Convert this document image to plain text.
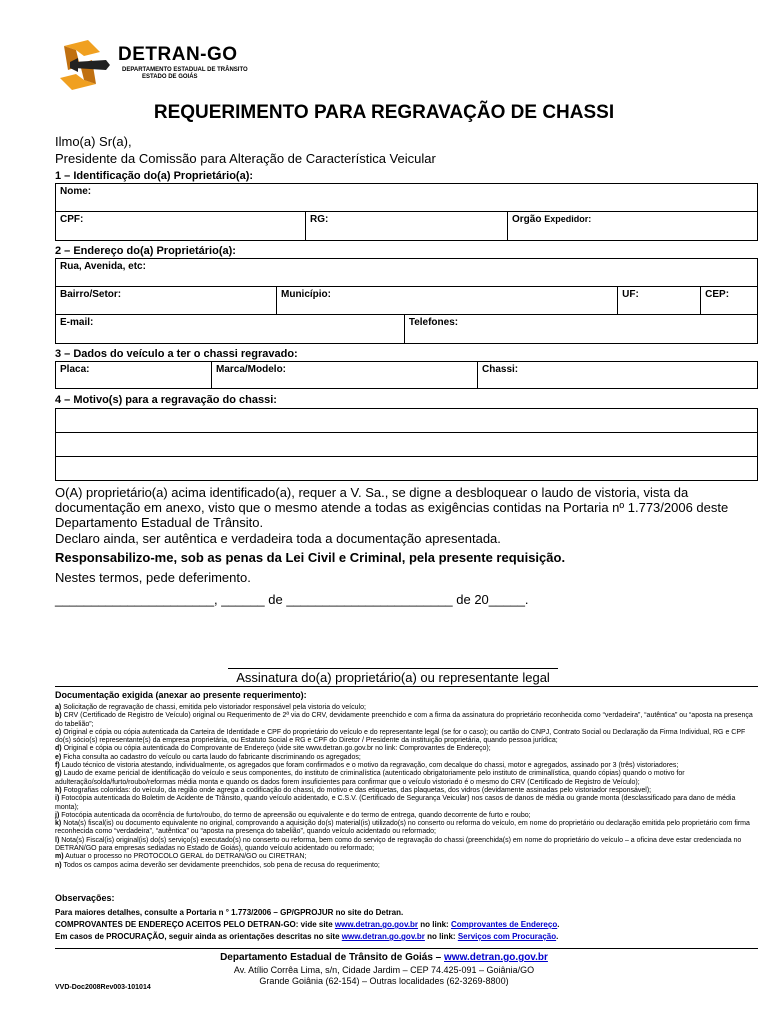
DETRAN-GO
DEPARTAMENTO ESTADUAL DE TRÂNSITO
ESTADO DE GOIÁS
REQUERIMENTO PARA REGRAVAÇÃO DE CHASSI
Ilmo(a) Sr(a),
Presidente da Comissão para Alteração de Característica Veicular
1 – Identificação do(a) Proprietário(a):
Nome:
CPF:	RG:	Orgão Expedidor:
2 – Endereço do(a) Proprietário(a):
Rua, Avenida, etc:				
Bairro/Setor:	Município:		UF:	CEP:
E-mail:		Telefones:		
3 – Dados do veículo a ter o chassi regravado:
Placa:	Marca/Modelo:	Chassi:
4 – Motivo(s) para a regravação do chassi:

O(A) proprietário(a) acima identificado(a), requer a V. Sa., se digne a desbloquear o laudo de vistoria, vista da documentação em anexo, visto que o mesmo atende a todas as exigências contidas na Portaria nº 1.773/2006 deste Departamento Estadual de Trânsito.
Declaro ainda, ser autêntica e verdadeira toda a documentação apresentada.
Responsabilizo-me, sob as penas da Lei Civil e Criminal, pela presente requisição.
Nestes termos, pede deferimento.
______________________, ______ de _______________________ de 20_____.
Assinatura do(a) proprietário(a) ou representante legal
Documentação exigida (anexar ao presente requerimento):
a) Solicitação de regravação de chassi, emitida pelo vistoriador responsável pela vistoria do veículo;
b) CRV (Certificado de Registro de Veículo) original ou Requerimento de 2ª via do CRV, devidamente preenchido e com a firma da assinatura do proprietário reconhecida como “verdadeira”, “autêntica” ou “aposta na presença do tabelião”;
c) Original e cópia ou cópia autenticada da Carteira de Identidade e CPF do proprietário do veículo e do representante legal (se for o caso); ou cartão do CNPJ, Contrato Social ou Declaração da Firma Individual, RG e CPF do(s) sócio(s) representante(s) da empresa proprietária, ou Estatuto Social e RG e CPF do Diretor / Presidente da instituição proprietária, quando pessoa jurídica;
d) Original e cópia ou cópia autenticada do Comprovante de Endereço (vide site www.detran.go.gov.br no link: Comprovantes de Endereço);
e) Ficha consulta ao cadastro do veículo ou carta laudo do fabricante discriminando os agregados;
f) Laudo técnico de vistoria atestando, individualmente, os agregados que foram confirmados e o motivo da regravação, com decalque do chassi, motor e agregados, assinado por 3 (três) vistoriadores;
g) Laudo de exame pericial de identificação do veículo e seus componentes, do instituto de criminalística (autenticado obrigatoriamente pelo instituto de criminalística, quando cópias) quando o motivo for adulteração/solda/furto/roubo/reformas média monta e quando os dados forem insuficientes para confirmar que o veículo vistoriado é o mesmo do CRV (Certificado de Registro de Veículo);
h) Fotografias coloridas: do veículo, da região onde agrega a codificação do chassi, do motivo e das etiquetas, das plaquetas, dos vidros (devidamente assinadas pelo vistoriador responsável);
i) Fotocópia autenticada do Boletim de Acidente de Trânsito, quando veículo acidentado, e C.S.V. (Certificado de Segurança Veicular) nos casos de danos de média ou grande monta (desclassificado para dano de média monta);
j) Fotocópia autenticada da ocorrência de furto/roubo, do termo de apreensão ou equivalente e do termo de entrega, quando decorrente de furto e roubo;
k) Nota(s) fiscal(is) ou documento equivalente no original, comprovando a aquisição do(s) material(is) utilizado(s) no conserto ou reforma do veículo, em nome do proprietário ou declaração emitida pelo proprietário com firma reconhecida como “verdadeira”, “autêntica” ou “aposta na presença do tabelião”, quando veículo acidentado ou reformado;
l) Nota(s) Fiscal(is) original(is) do(s) serviço(s) executado(s) no conserto ou reforma, bem como do serviço de regravação do chassi (preenchida(s) em nome do proprietário do veículo – a oficina deve estar credenciada no DETRAN/GO para empresas sediadas no Estado de Goiás), quando veículo acidentado ou reformado;
m) Autuar o processo no PROTOCOLO GERAL do DETRAN/GO ou CIRETRAN;
n) Todos os campos acima deverão ser devidamente preenchidos, sob pena de recusa do requerimento;
Observações:
Para maiores detalhes, consulte a Portaria n ° 1.773/2006 – GP/GPROJUR no site do Detran.
COMPROVANTES DE ENDEREÇO ACEITOS PELO DETRAN-GO: vide site www.detran.go.gov.br no link: Comprovantes de Endereço.
Em casos de PROCURAÇÃO, seguir ainda as orientações descritas no site www.detran.go.gov.br no link: Serviços com Procuração.
Departamento Estadual de Trânsito de Goiás – www.detran.go.gov.br
Av. Atílio Corrêa Lima, s/n, Cidade Jardim – CEP 74.425-091 – Goiânia/GO
Grande Goiânia (62-154) – Outras localidades (62-3269-8800)
VVD-Doc2008Rev003-101014
